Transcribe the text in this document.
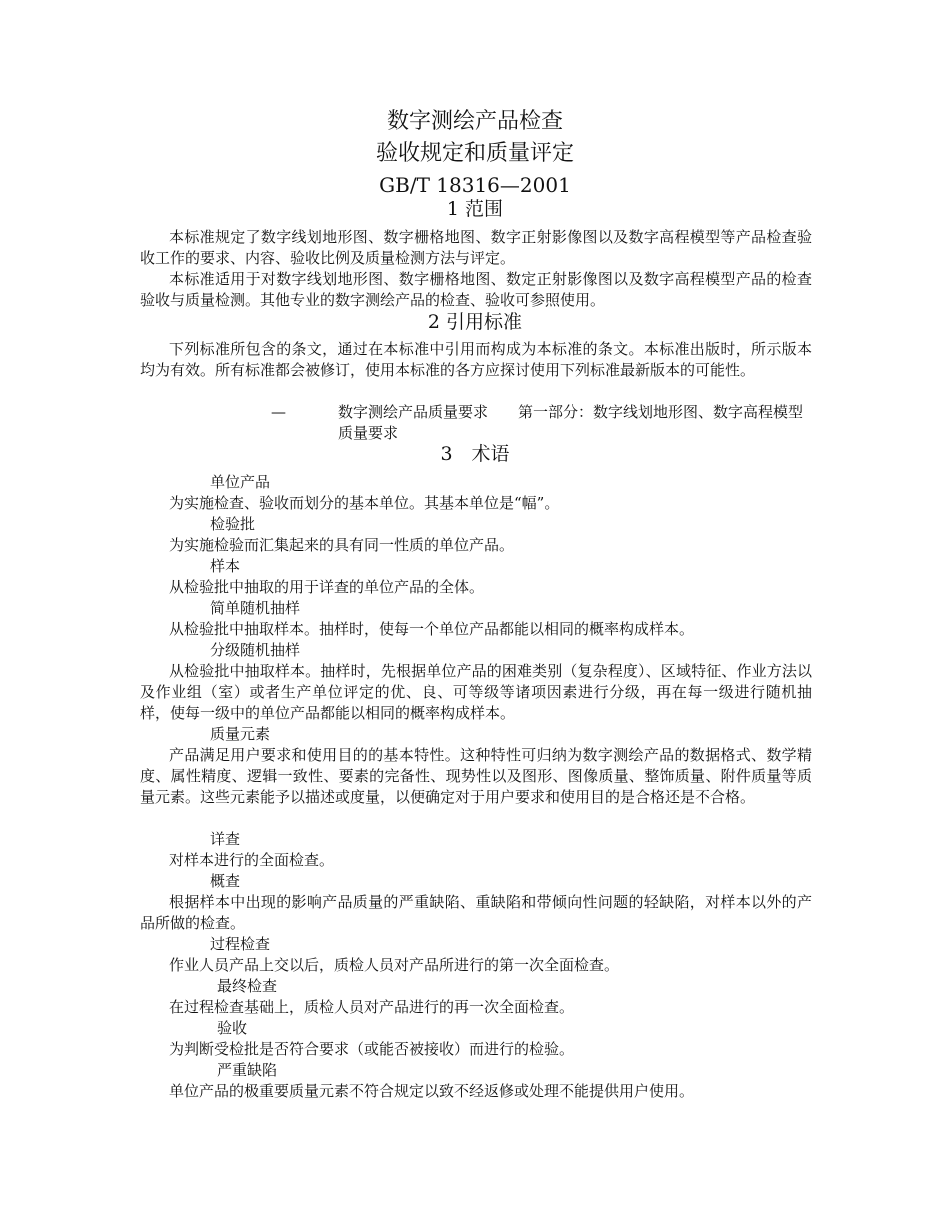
数字测绘产品检查
验收规定和质量评定
GB/T 18316—2001
1 范围
本标准规定了数字线划地形图、数字栅格地图、数字正射影像图以及数字高程模型等产品检查验收工作的要求、内容、验收比例及质量检测方法与评定。
本标准适用于对数字线划地形图、数字栅格地图、数定正射影像图以及数字高程模型产品的检查验收与质量检测。其他专业的数字测绘产品的检查、验收可参照使用。
2 引用标准
下列标准所包含的条文，通过在本标准中引用而构成为本标准的条文。本标准出版时，所示版本均为有效。所有标准都会被修订，使用本标准的各方应探讨使用下列标准最新版本的可能性。
—	数字测绘产品质量要求　　第一部分：数字线划地形图、数字高程模型质量要求
3　术语
单位产品
为实施检查、验收而划分的基本单位。其基本单位是“幅”。
检验批
为实施检验而汇集起来的具有同一性质的单位产品。
样本
从检验批中抽取的用于详查的单位产品的全体。
简单随机抽样
从检验批中抽取样本。抽样时，使每一个单位产品都能以相同的概率构成样本。
分级随机抽样
从检验批中抽取样本。抽样时，先根据单位产品的困难类别（复杂程度）、区域特征、作业方法以及作业组（室）或者生产单位评定的优、良、可等级等诸项因素进行分级，再在每一级进行随机抽样，使每一级中的单位产品都能以相同的概率构成样本。
质量元素
产品满足用户要求和使用目的的基本特性。这种特性可归纳为数字测绘产品的数据格式、数学精度、属性精度、逻辑一致性、要素的完备性、现势性以及图形、图像质量、整饰质量、附件质量等质量元素。这些元素能予以描述或度量，以便确定对于用户要求和使用目的是合格还是不合格。
详查
对样本进行的全面检查。
概查
根据样本中出现的影响产品质量的严重缺陷、重缺陷和带倾向性问题的轻缺陷，对样本以外的产品所做的检查。
过程检查
作业人员产品上交以后，质检人员对产品所进行的第一次全面检查。
最终检查
在过程检查基础上，质检人员对产品进行的再一次全面检查。
验收
为判断受检批是否符合要求（或能否被接收）而进行的检验。
严重缺陷
单位产品的极重要质量元素不符合规定以致不经返修或处理不能提供用户使用。
